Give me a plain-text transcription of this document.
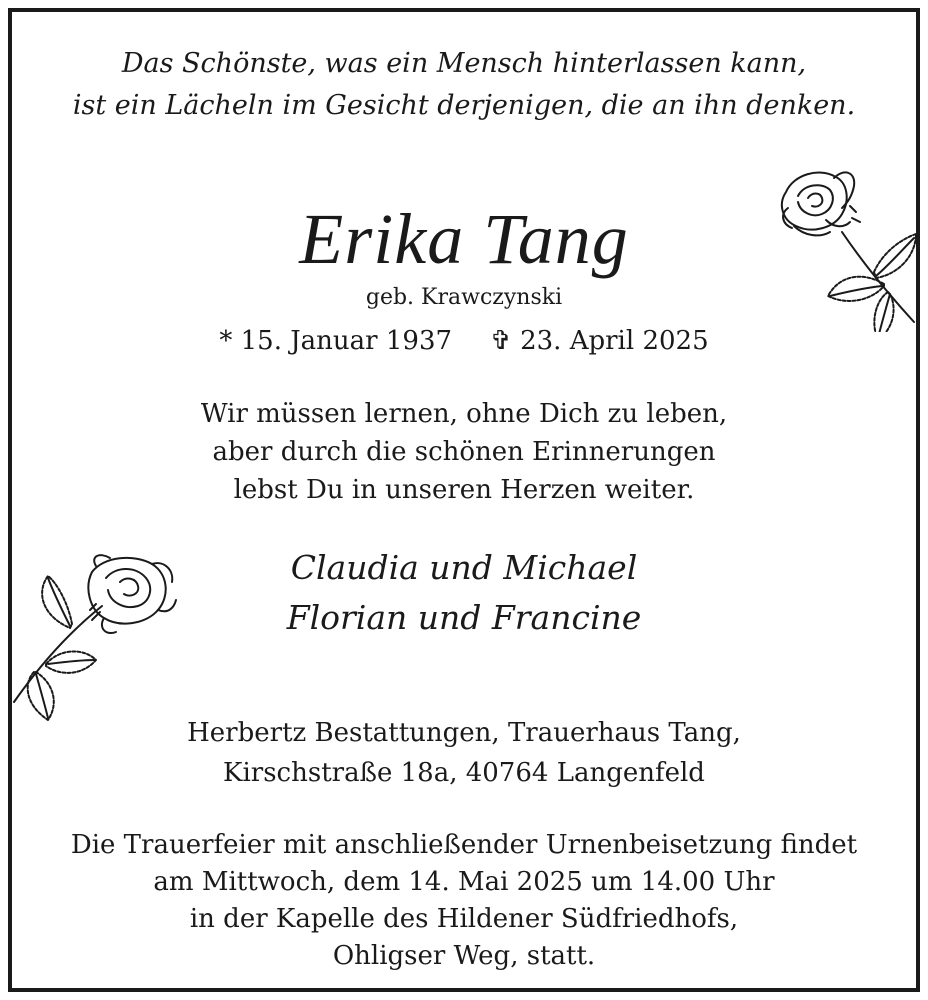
Das Schönste, was ein Mensch hinterlassen kann,
ist ein Lächeln im Gesicht derjenigen, die an ihn denken.
Erika Tang
geb. Krawczynski
* 15. Januar 1937 ✞ 23. April 2025
Wir müssen lernen, ohne Dich zu leben,
aber durch die schönen Erinnerungen
lebst Du in unseren Herzen weiter.
Claudia und Michael
Florian und Francine
Herbertz Bestattungen, Trauerhaus Tang,
Kirschstraße 18a, 40764 Langenfeld
Die Trauerfeier mit anschließender Urnenbeisetzung findet
am Mittwoch, dem 14. Mai 2025 um 14.00 Uhr
in der Kapelle des Hildener Südfriedhofs,
Ohligser Weg, statt.
